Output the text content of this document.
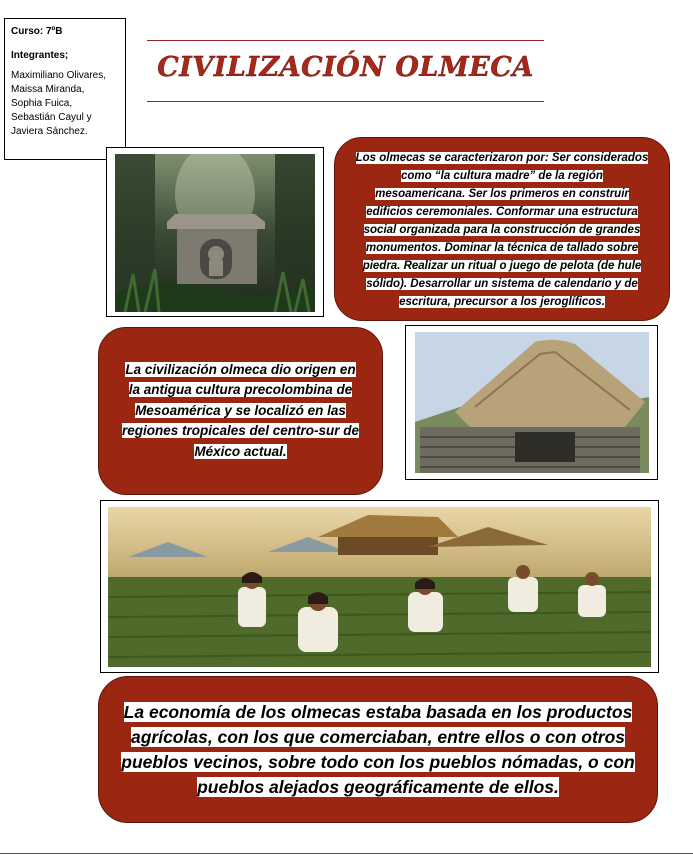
Curso: 7ºB
Integrantes;
Maximiliano Olivares,
Maissa Miranda,
Sophia Fuica,
Sebastián Cayul y
Javiera Sánchez.
CIVILIZACIÓN OLMECA
Los olmecas se caracterizaron por: Ser considerados como “la cultura madre” de la región mesoamericana. Ser los primeros en construir edificios ceremoniales. Conformar una estructura social organizada para la construcción de grandes monumentos. Dominar la técnica de tallado sobre piedra. Realizar un ritual o juego de pelota (de hule sólido). Desarrollar un sistema de calendario y de escritura, precursor a los jeroglíficos.
La civilización olmeca dio origen en la antigua cultura precolombina de Mesoamérica y se localizó en las regiones tropicales del centro-sur de México actual.
La economía de los olmecas estaba basada en los productos agrícolas, con los que comerciaban, entre ellos o con otros pueblos vecinos, sobre todo con los pueblos nómadas, o con pueblos alejados geográficamente de ellos.
